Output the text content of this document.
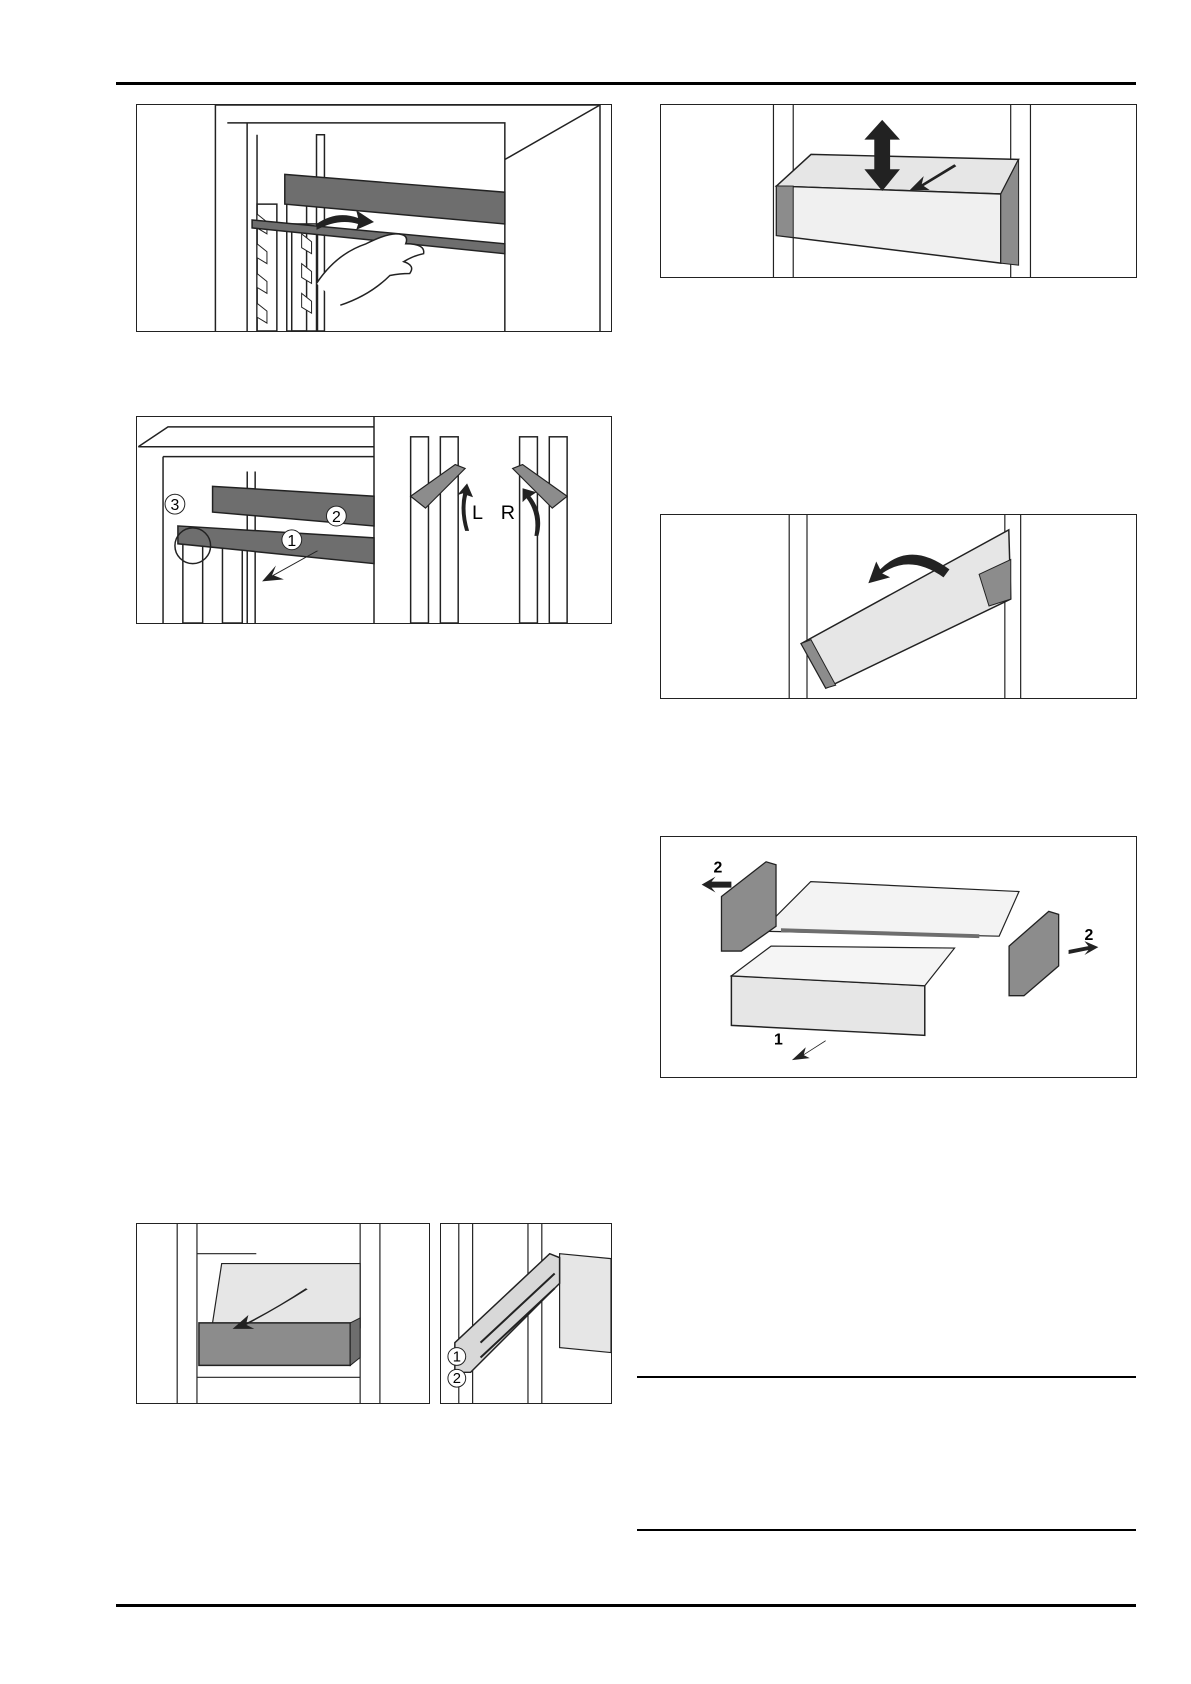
3
2
1
L R
1
2
2
2
1
